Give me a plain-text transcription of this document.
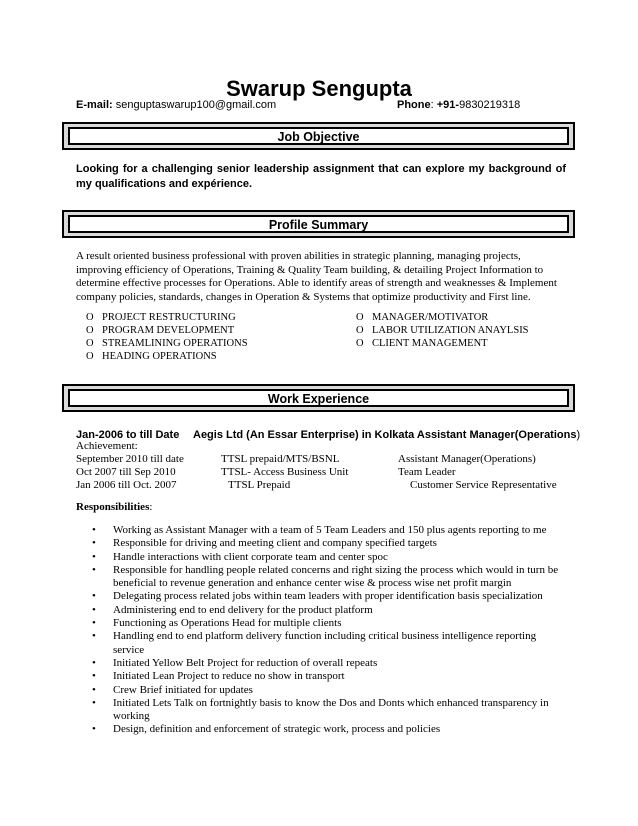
Swarup Sengupta
E-mail: senguptaswarup100@gmail.com	Phone: +91-9830219318
Job Objective
Looking for a challenging senior leadership assignment that can explore my background of my qualifications and expérience.
Profile Summary
A result oriented business professional with proven abilities in strategic planning, managing projects, improving efficiency of Operations, Training & Quality Team building, & detailing Project Information to determine effective processes for Operations. Able to identify areas of strength and weaknesses & Implement company policies, standards, changes in Operation & Systems that optimize productivity and First line.
O PROJECT RESTRUCTURING
O PROGRAM DEVELOPMENT
O STREAMLINING OPERATIONS
O HEADING OPERATIONS
O MANAGER/MOTIVATOR
O LABOR UTILIZATION ANAYLSIS
O CLIENT MANAGEMENT
Work Experience
Jan-2006 to till Date Aegis Ltd (An Essar Enterprise) in Kolkata Assistant Manager(Operations)
Achievement:
September 2010 till date	TTSL prepaid/MTS/BSNL	Assistant Manager(Operations)
Oct 2007 till Sep 2010	TTSL- Access Business Unit	Team Leader
Jan 2006 till Oct. 2007	TTSL Prepaid	Customer Service Representative
Responsibilities:
• Working as Assistant Manager with a team of 5 Team Leaders and 150 plus agents reporting to me
• Responsible for driving and meeting client and company specified targets
• Handle interactions with client corporate team and center spoc
• Responsible for handling people related concerns and right sizing the process which would in turn be beneficial to revenue generation and enhance center wise & process wise net profit margin
• Delegating process related jobs within team leaders with proper identification basis specialization
• Administering end to end delivery for the product platform
• Functioning as Operations Head for multiple clients
• Handling end to end platform delivery function including critical business intelligence reporting service
• Initiated Yellow Belt Project for reduction of overall repeats
• Initiated Lean Project to reduce no show in transport
• Crew Brief initiated for updates
• Initiated Lets Talk on fortnightly basis to know the Dos and Donts which enhanced transparency in working
• Design, definition and enforcement of strategic work, process and policies
